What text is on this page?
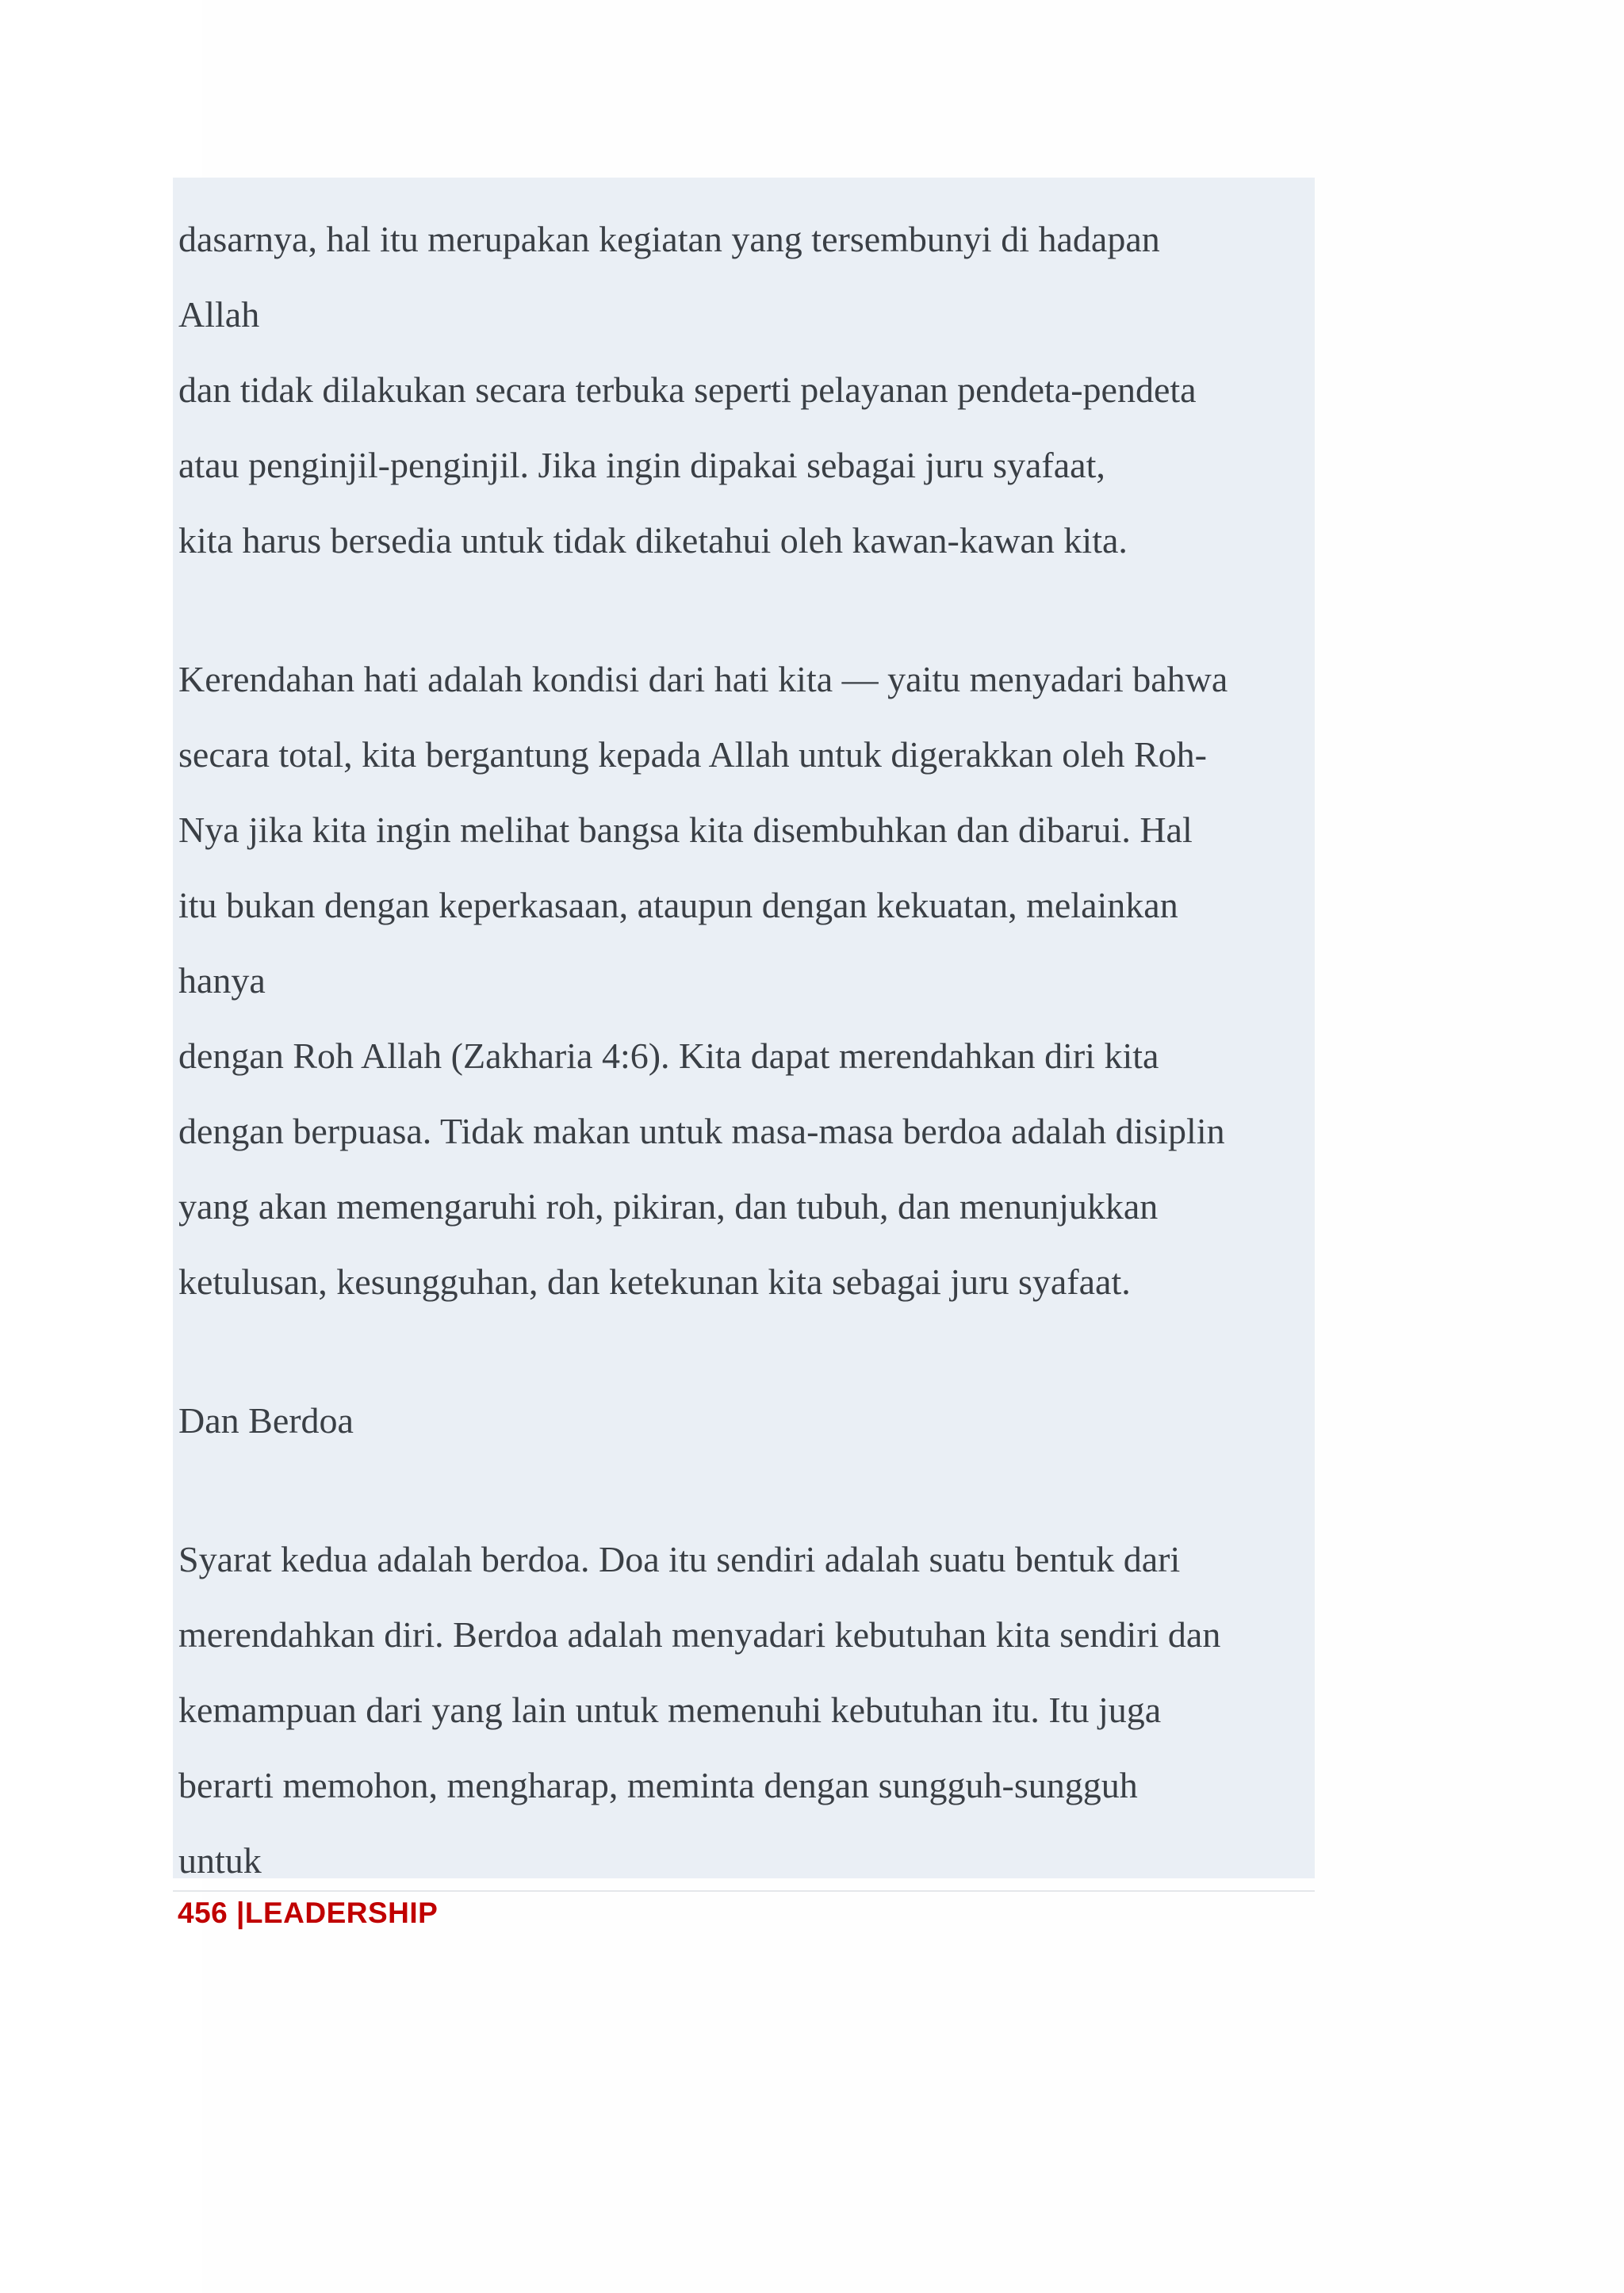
dasarnya, hal itu merupakan kegiatan yang tersembunyi di hadapan
Allah
dan tidak dilakukan secara terbuka seperti pelayanan pendeta-pendeta
atau penginjil-penginjil. Jika ingin dipakai sebagai juru syafaat,
kita harus bersedia untuk tidak diketahui oleh kawan-kawan kita.
Kerendahan hati adalah kondisi dari hati kita — yaitu menyadari bahwa
secara total, kita bergantung kepada Allah untuk digerakkan oleh Roh-
Nya jika kita ingin melihat bangsa kita disembuhkan dan dibarui. Hal
itu bukan dengan keperkasaan, ataupun dengan kekuatan, melainkan
hanya
dengan Roh Allah (Zakharia 4:6). Kita dapat merendahkan diri kita
dengan berpuasa. Tidak makan untuk masa-masa berdoa adalah disiplin
yang akan memengaruhi roh, pikiran, dan tubuh, dan menunjukkan
ketulusan, kesungguhan, dan ketekunan kita sebagai juru syafaat.
Dan Berdoa
Syarat kedua adalah berdoa. Doa itu sendiri adalah suatu bentuk dari
merendahkan diri. Berdoa adalah menyadari kebutuhan kita sendiri dan
kemampuan dari yang lain untuk memenuhi kebutuhan itu. Itu juga
berarti memohon, mengharap, meminta dengan sungguh-sungguh
untuk
456 |LEADERSHIP
